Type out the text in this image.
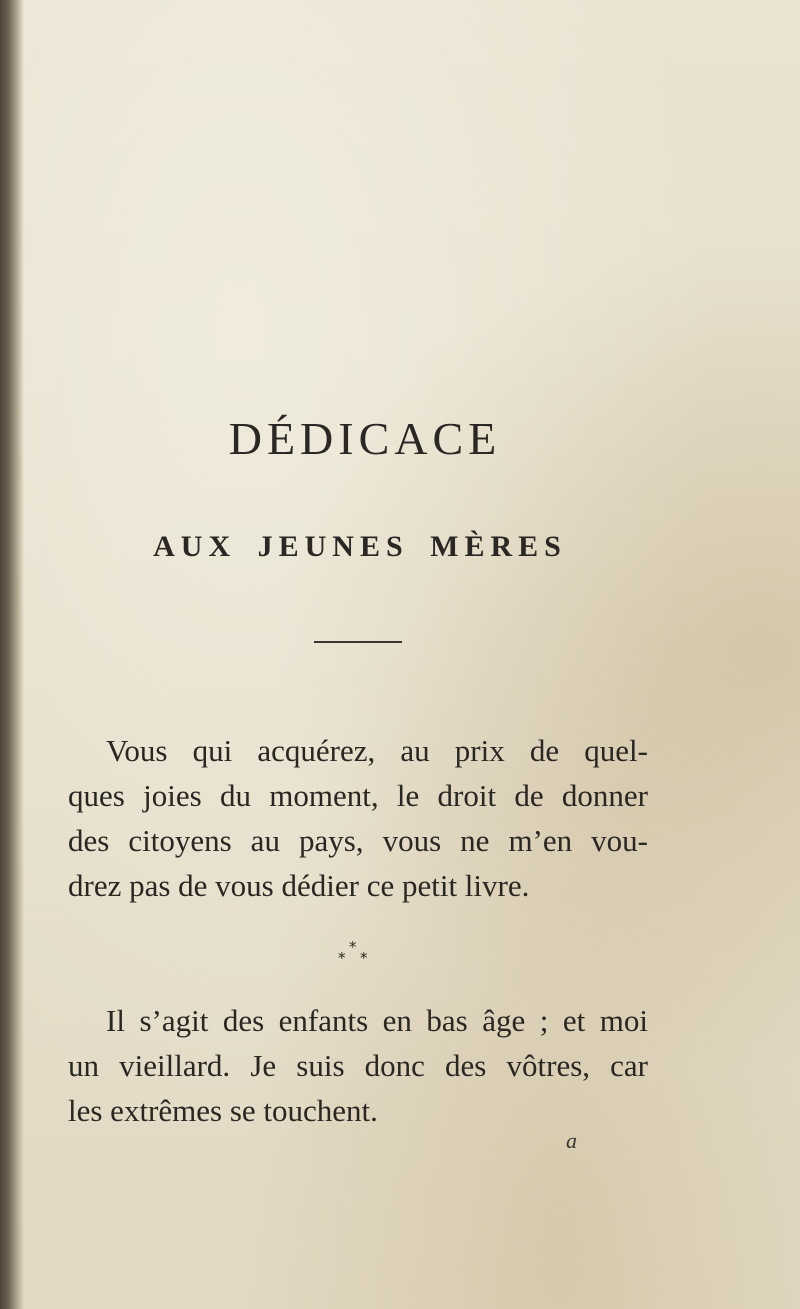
DÉDICACE
AUX JEUNES MÈRES
Vous qui acquérez, au prix de quel-
ques joies du moment, le droit de donner
des citoyens au pays, vous ne m’en vou-
drez pas de vous dédier ce petit livre.
*
* *
Il s’agit des enfants en bas âge ; et moi
un vieillard. Je suis donc des vôtres, car
les extrêmes se touchent.
a
